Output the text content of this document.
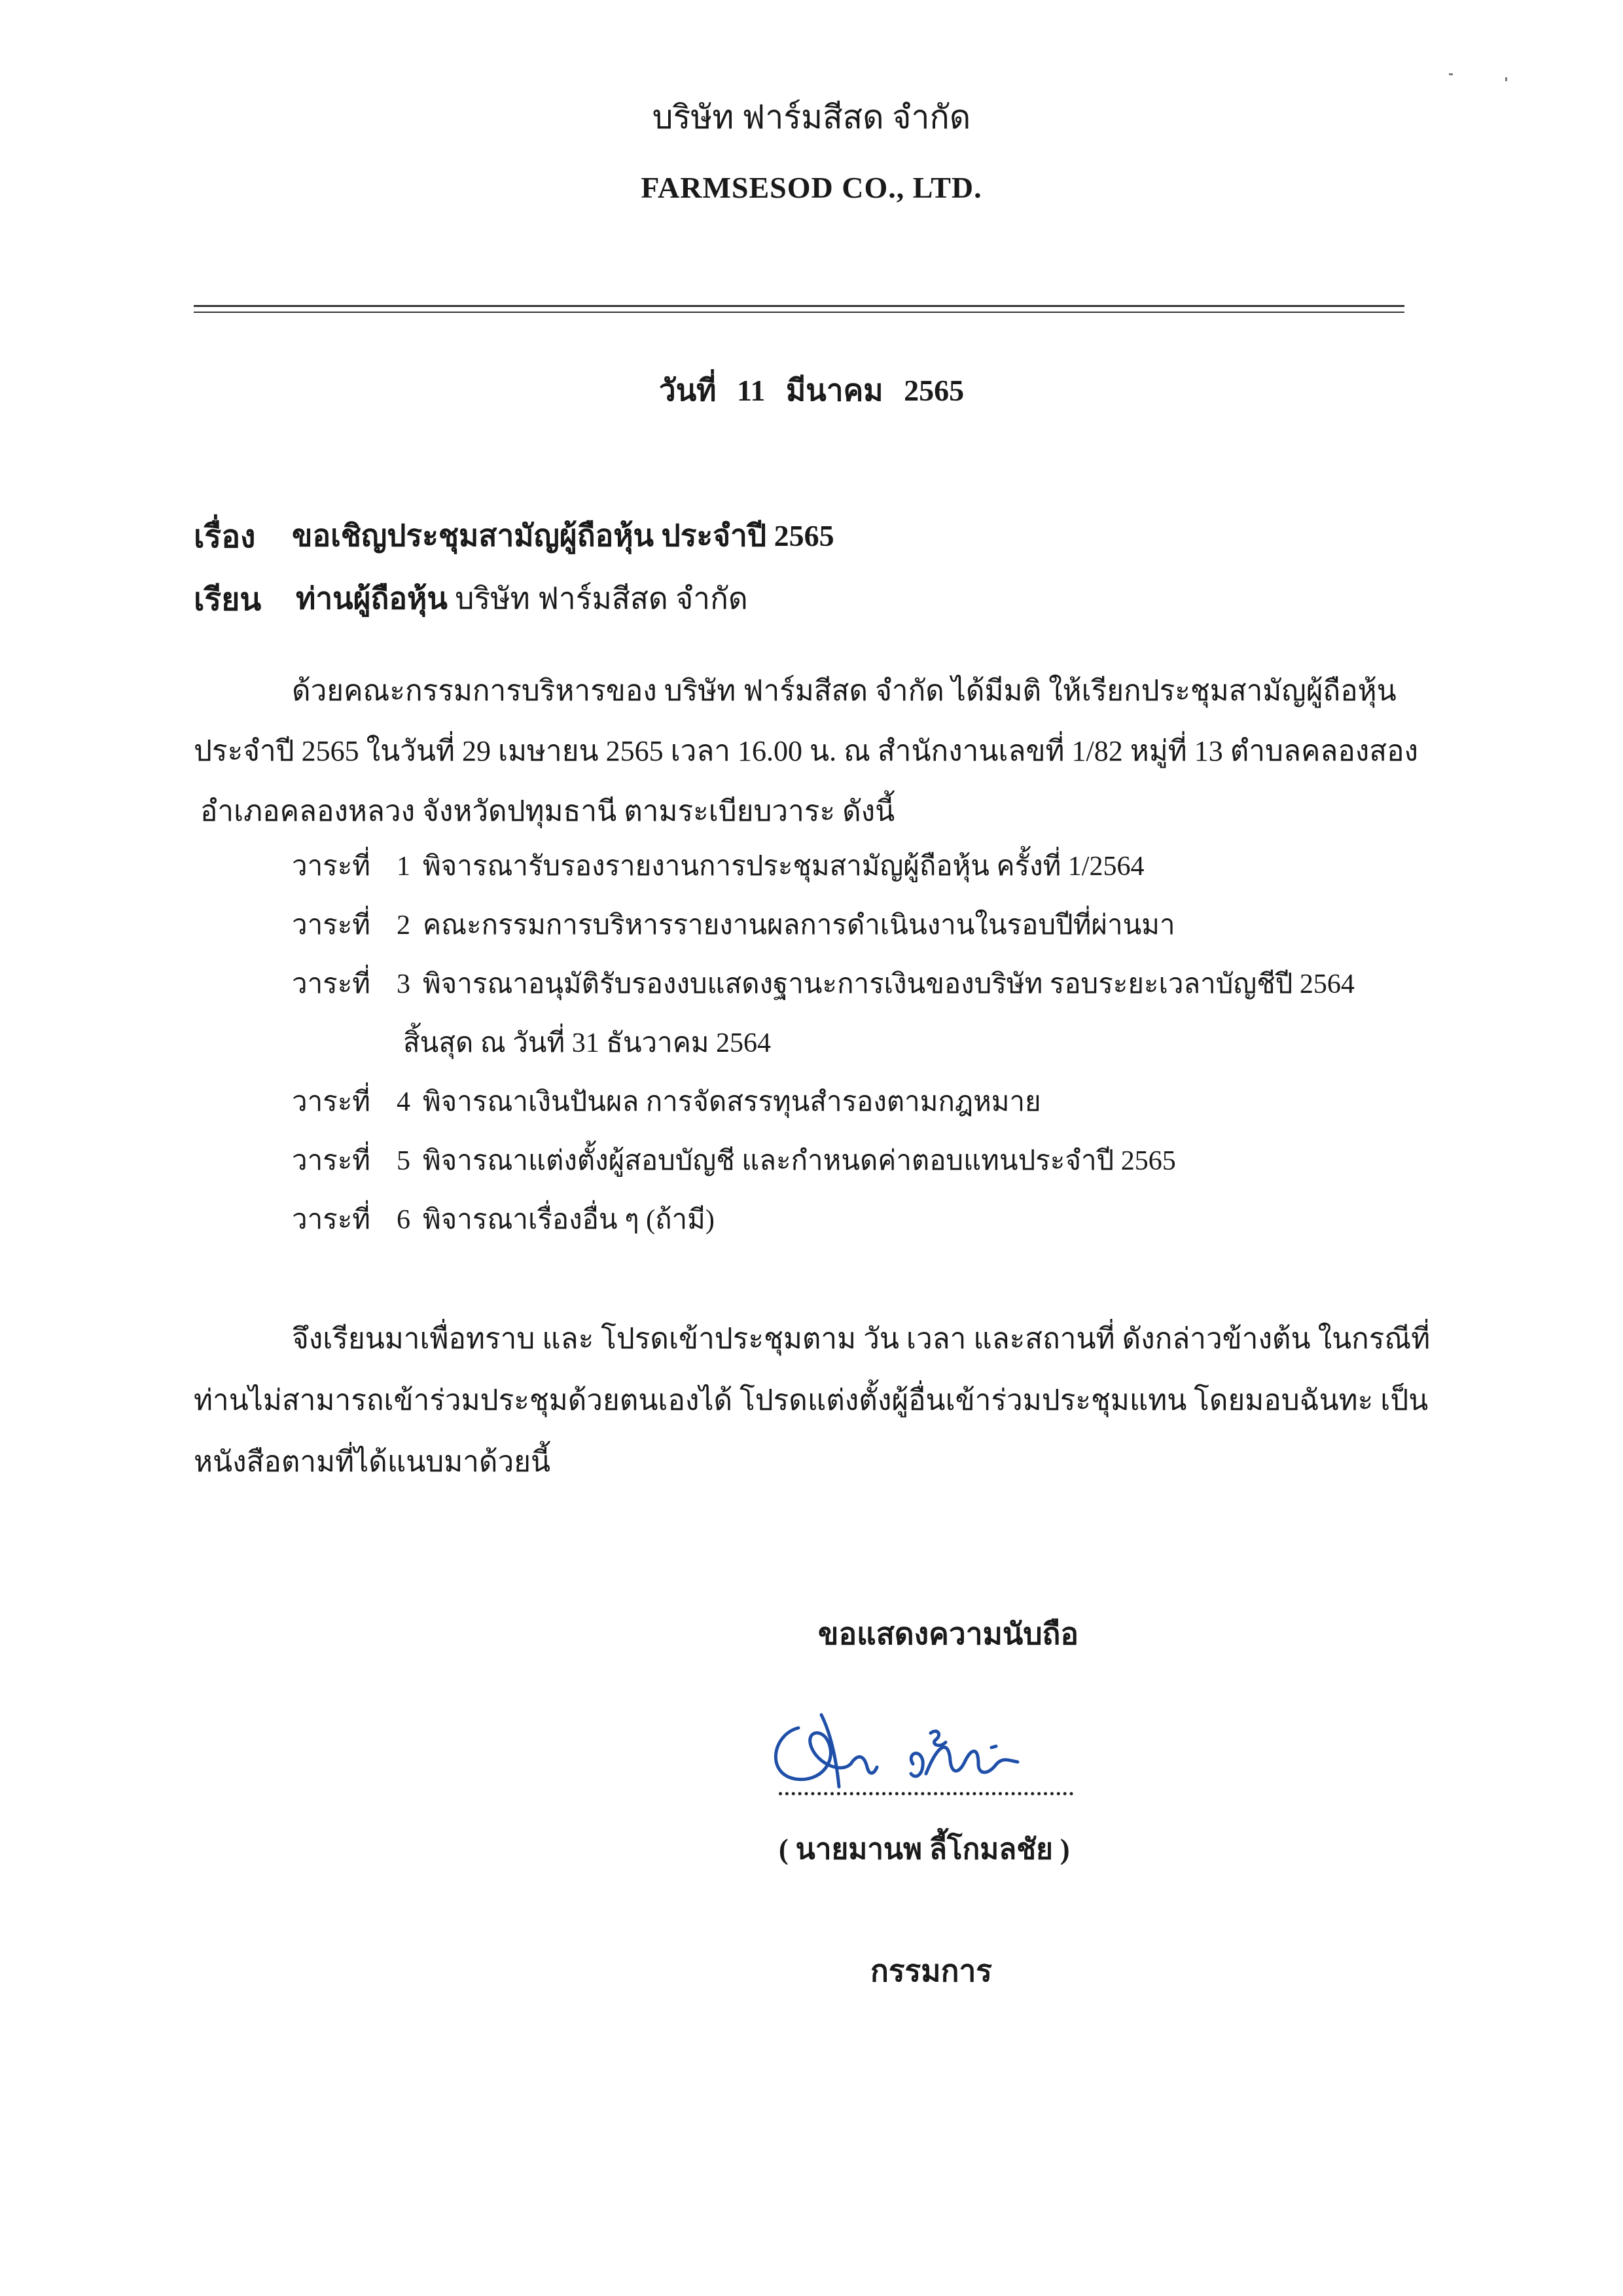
บริษัท ฟาร์มสีสด จำกัด
FARMSESOD CO., LTD.
วันที่ 11 มีนาคม 2565
เรื่อง ขอเชิญประชุมสามัญผู้ถือหุ้น ประจำปี 2565
เรียน ท่านผู้ถือหุ้น บริษัท ฟาร์มสีสด จำกัด
ด้วยคณะกรรมการบริหารของ บริษัท ฟาร์มสีสด จำกัด ได้มีมติ ให้เรียกประชุมสามัญผู้ถือหุ้น
ประจำปี 2565 ในวันที่ 29 เมษายน 2565 เวลา 16.00 น. ณ สำนักงานเลขที่ 1/82 หมู่ที่ 13 ตำบลคลองสอง
อำเภอคลองหลวง จังหวัดปทุมธานี ตามระเบียบวาระ ดังนี้
วาระที่ 1 พิจารณารับรองรายงานการประชุมสามัญผู้ถือหุ้น ครั้งที่ 1/2564
วาระที่ 2 คณะกรรมการบริหารรายงานผลการดำเนินงานในรอบปีที่ผ่านมา
วาระที่ 3 พิจารณาอนุมัติรับรองงบแสดงฐานะการเงินของบริษัท รอบระยะเวลาบัญชีปี 2564
สิ้นสุด ณ วันที่ 31 ธันวาคม 2564
วาระที่ 4 พิจารณาเงินปันผล การจัดสรรทุนสำรองตามกฎหมาย
วาระที่ 5 พิจารณาแต่งตั้งผู้สอบบัญชี และกำหนดค่าตอบแทนประจำปี 2565
วาระที่ 6 พิจารณาเรื่องอื่น ๆ (ถ้ามี)
จึงเรียนมาเพื่อทราบ และ โปรดเข้าประชุมตาม วัน เวลา และสถานที่ ดังกล่าวข้างต้น ในกรณีที่
ท่านไม่สามารถเข้าร่วมประชุมด้วยตนเองได้ โปรดแต่งตั้งผู้อื่นเข้าร่วมประชุมแทน โดยมอบฉันทะ เป็น
หนังสือตามที่ได้แนบมาด้วยนี้
ขอแสดงความนับถือ
( นายมานพ ลี้โกมลชัย )
กรรมการ
